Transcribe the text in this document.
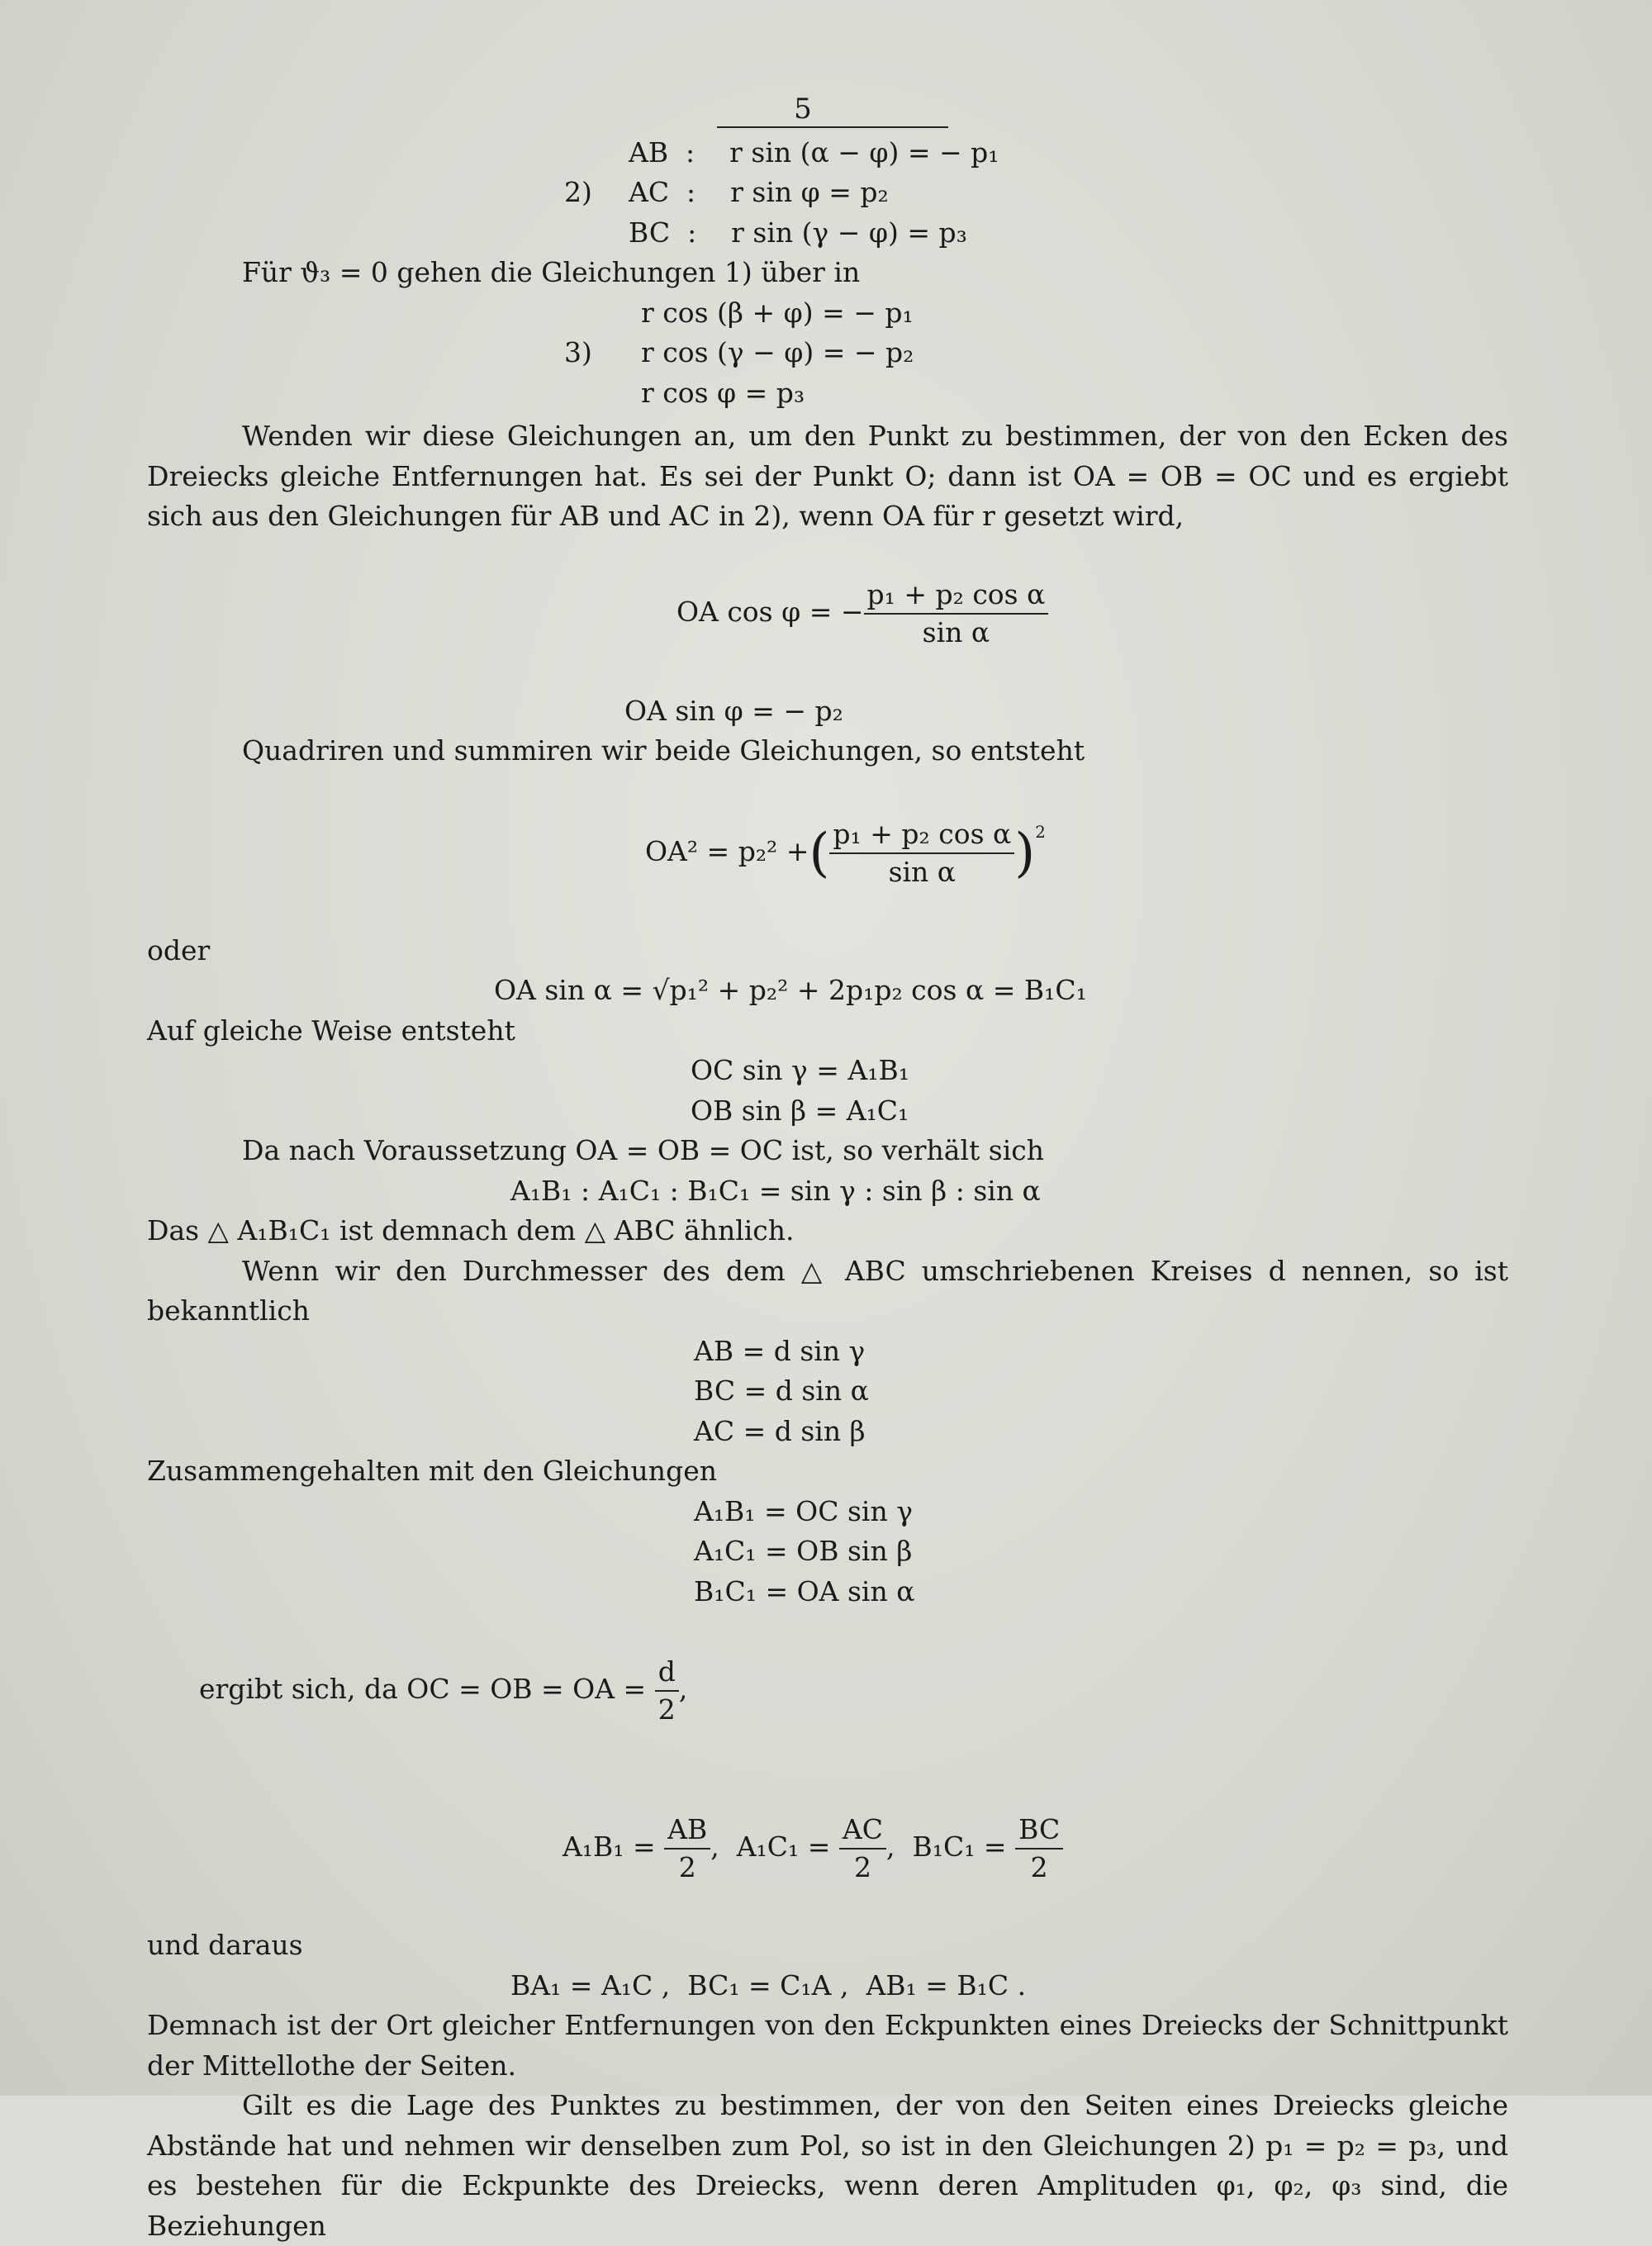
5
2)
AB  :    r sin (α − φ) = − p₁
AC  :    r sin φ = p₂
BC  :    r sin (γ − φ) = p₃
Für ϑ₃ = 0 gehen die Gleichungen 1) über in
3)
r cos (β + φ) = − p₁
r cos (γ − φ) = − p₂
r cos φ = p₃
Wenden wir diese Gleichungen an, um den Punkt zu bestimmen, der von den Ecken des Dreiecks gleiche Entfernungen hat. Es sei der Punkt O; dann ist OA = OB = OC und es ergiebt sich aus den Gleichungen für AB und AC in 2), wenn OA für r gesetzt wird,

OA cos φ = − $\frac{\text{p₁ + p₂ cos α}}{\text{sin α}}$

OA sin φ = − p₂
Quadriren und summiren wir beide Gleichungen, so entsteht

OA² = p₂² +( $\frac{\text{p₁ + p₂ cos α}}{\text{sin α}} )^2$

oder
OA sin α = √p₁² + p₂² + 2p₁p₂ cos α = B₁C₁
Auf gleiche Weise entsteht
OC sin γ = A₁B₁
OB sin β = A₁C₁
Da nach Voraussetzung OA = OB = OC ist, so verhält sich
A₁B₁ : A₁C₁ : B₁C₁ = sin γ : sin β : sin α
Das △ A₁B₁C₁ ist demnach dem △ ABC ähnlich.
Wenn wir den Durchmesser des dem △ ABC umschriebenen Kreises d nennen, so ist bekanntlich
AB = d sin γ
BC = d sin α
AC = d sin β
Zusammengehalten mit den Gleichungen
A₁B₁ = OC sin γ
A₁C₁ = OB sin β
B₁C₁ = OA sin α

ergibt sich, da OC = OB = OA = $\frac{d}{2}$ ,

$A_1B_1 = \frac{AB}{2}$ , $A_1C_1 = \frac{AC}{2}$ , $B_1C_1 = \frac{BC}{2}$

und daraus
BA₁ = A₁C ,  BC₁ = C₁A ,  AB₁ = B₁C .
Demnach ist der Ort gleicher Entfernungen von den Eckpunkten eines Dreiecks der Schnittpunkt der Mittellothe der Seiten.
Gilt es die Lage des Punktes zu bestimmen, der von den Seiten eines Dreiecks gleiche Abstände hat und nehmen wir denselben zum Pol, so ist in den Gleichungen 2) p₁ = p₂ = p₃, und es bestehen für die Eckpunkte des Dreiecks, wenn deren Amplituden φ₁, φ₂, φ₃ sind, die Beziehungen
